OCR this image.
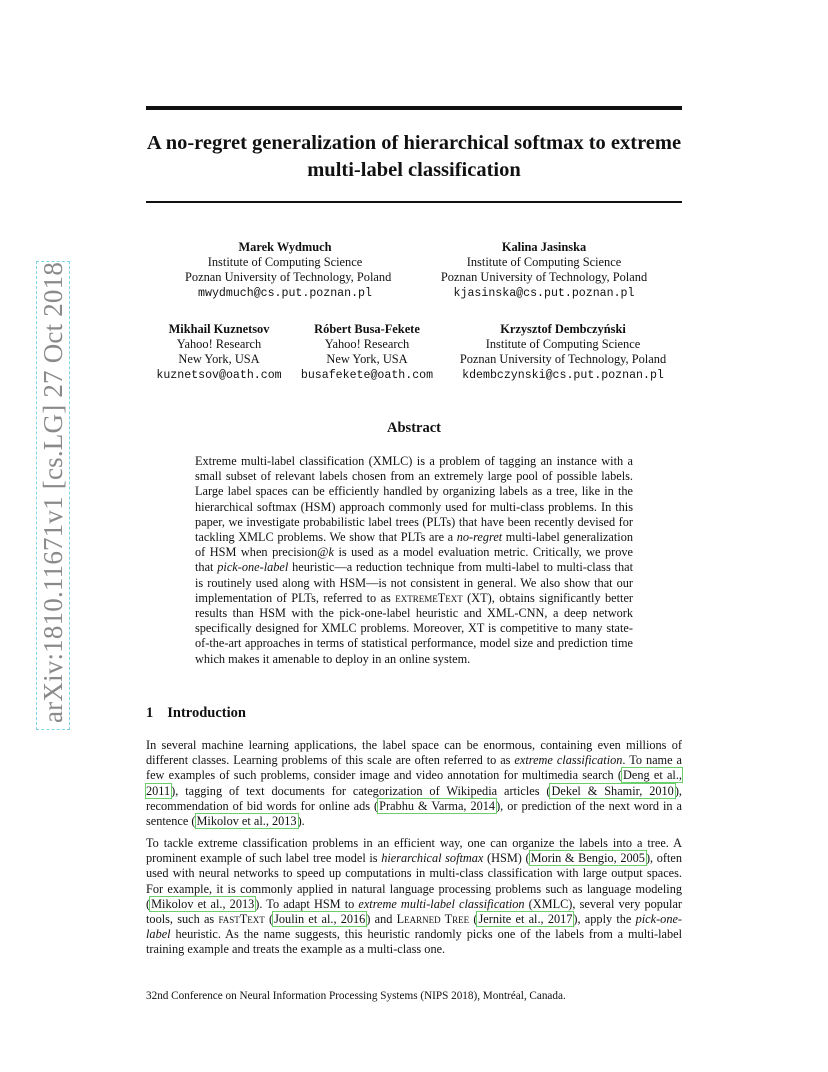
arXiv:1810.11671v1 [cs.LG] 27 Oct 2018
A no-regret generalization of hierarchical softmax to extreme multi-label classification
Marek Wydmuch
Institute of Computing Science
Poznan University of Technology, Poland
mwydmuch@cs.put.poznan.pl
Kalina Jasinska
Institute of Computing Science
Poznan University of Technology, Poland
kjasinska@cs.put.poznan.pl
Mikhail Kuznetsov
Yahoo! Research
New York, USA
kuznetsov@oath.com
Róbert Busa-Fekete
Yahoo! Research
New York, USA
busafekete@oath.com
Krzysztof Dembczyński
Institute of Computing Science
Poznan University of Technology, Poland
kdembczynski@cs.put.poznan.pl
Abstract
Extreme multi-label classification (XMLC) is a problem of tagging an instance with a small subset of relevant labels chosen from an extremely large pool of possible labels. Large label spaces can be efficiently handled by organizing labels as a tree, like in the hierarchical softmax (HSM) approach commonly used for multi-class problems. In this paper, we investigate probabilistic label trees (PLTs) that have been recently devised for tackling XMLC problems. We show that PLTs are a no-regret multi-label generalization of HSM when precision@k is used as a model evaluation metric. Critically, we prove that pick-one-label heuristic—a reduction technique from multi-label to multi-class that is routinely used along with HSM—is not consistent in general. We also show that our implementation of PLTs, referred to as extremeText (XT), obtains significantly better results than HSM with the pick-one-label heuristic and XML-CNN, a deep network specifically designed for XMLC problems. Moreover, XT is competitive to many state-of-the-art approaches in terms of statistical performance, model size and prediction time which makes it amenable to deploy in an online system.
1 Introduction
In several machine learning applications, the label space can be enormous, containing even millions of different classes. Learning problems of this scale are often referred to as extreme classification. To name a few examples of such problems, consider image and video annotation for multimedia search (Deng et al., 2011), tagging of text documents for categorization of Wikipedia articles (Dekel & Shamir, 2010), recommendation of bid words for online ads (Prabhu & Varma, 2014), or prediction of the next word in a sentence (Mikolov et al., 2013).
To tackle extreme classification problems in an efficient way, one can organize the labels into a tree. A prominent example of such label tree model is hierarchical softmax (HSM) (Morin & Bengio, 2005), often used with neural networks to speed up computations in multi-class classification with large output spaces. For example, it is commonly applied in natural language processing problems such as language modeling (Mikolov et al., 2013). To adapt HSM to extreme multi-label classification (XMLC), several very popular tools, such as fastText (Joulin et al., 2016) and Learned Tree (Jernite et al., 2017), apply the pick-one-label heuristic. As the name suggests, this heuristic randomly picks one of the labels from a multi-label training example and treats the example as a multi-class one.
32nd Conference on Neural Information Processing Systems (NIPS 2018), Montréal, Canada.
